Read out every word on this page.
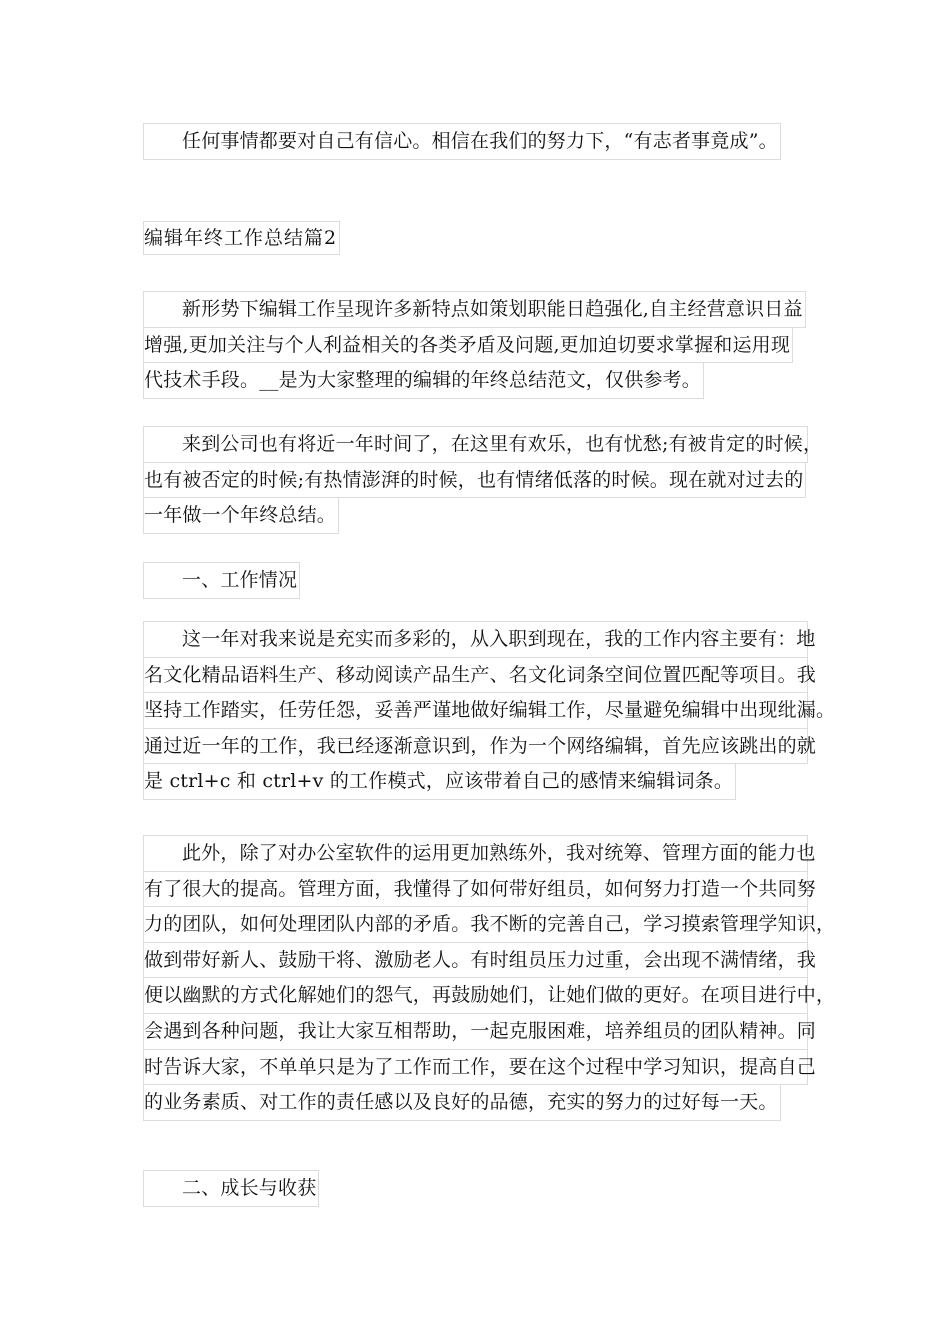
任何事情都要对自己有信心。相信在我们的努力下，“有志者事竟成”。
编辑年终工作总结篇2
新形势下编辑工作呈现许多新特点如策划职能日趋强化,自主经营意识日益
增强,更加关注与个人利益相关的各类矛盾及问题,更加迫切要求掌握和运用现
代技术手段。__是为大家整理的编辑的年终总结范文，仅供参考。
来到公司也有将近一年时间了，在这里有欢乐，也有忧愁;有被肯定的时候，
也有被否定的时候;有热情澎湃的时候，也有情绪低落的时候。现在就对过去的
一年做一个年终总结。
一、工作情况
这一年对我来说是充实而多彩的，从入职到现在，我的工作内容主要有：地
名文化精品语料生产、移动阅读产品生产、名文化词条空间位置匹配等项目。我
坚持工作踏实，任劳任怨，妥善严谨地做好编辑工作，尽量避免编辑中出现纰漏。
通过近一年的工作，我已经逐渐意识到，作为一个网络编辑，首先应该跳出的就
是 ctrl+c 和 ctrl+v 的工作模式，应该带着自己的感情来编辑词条。
此外，除了对办公室软件的运用更加熟练外，我对统筹、管理方面的能力也
有了很大的提高。管理方面，我懂得了如何带好组员，如何努力打造一个共同努
力的团队，如何处理团队内部的矛盾。我不断的完善自己，学习摸索管理学知识，
做到带好新人、鼓励干将、激励老人。有时组员压力过重，会出现不满情绪，我
便以幽默的方式化解她们的怨气，再鼓励她们，让她们做的更好。在项目进行中，
会遇到各种问题，我让大家互相帮助，一起克服困难，培养组员的团队精神。同
时告诉大家，不单单只是为了工作而工作，要在这个过程中学习知识，提高自己
的业务素质、对工作的责任感以及良好的品德，充实的努力的过好每一天。
二、成长与收获
